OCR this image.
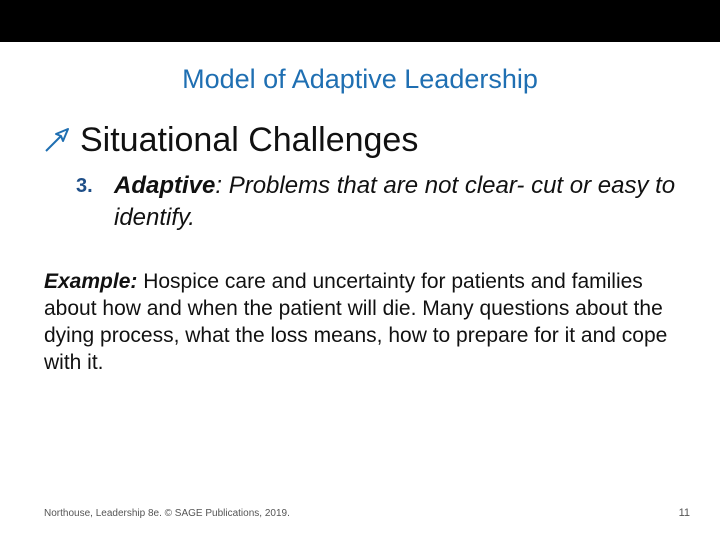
Model of Adaptive Leadership
Situational Challenges
3. Adaptive: Problems that are not clear- cut or easy to identify.
Example: Hospice care and uncertainty for patients and families about how and when the patient will die. Many questions about the dying process, what the loss means, how to prepare for it and cope with it.
Northouse, Leadership 8e. © SAGE Publications, 2019.	11
